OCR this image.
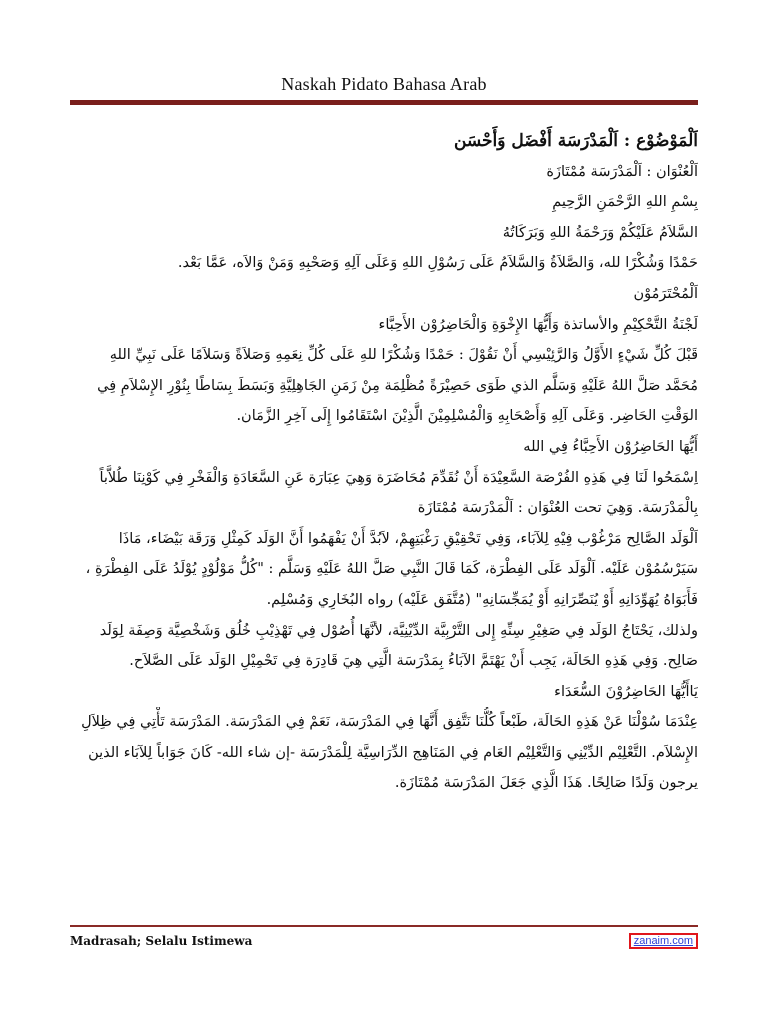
Naskah Pidato Bahasa Arab
اَلْمَوْضُوْع : اَلْمَدْرَسَة أَفْضَل وَأَحْسَن
اَلْعُنْوَان : اَلْمَدْرَسَة مُمْتَازَة
بِسْمِ اللهِ الرَّحْمَنِ الرَّحِيمِ
السَّلاَمُ عَلَيْكُمْ وَرَحْمَةُ اللهِ وَبَرَكَاتُهُ
حَمْدًا وَشُكْرًا لله، وَالصَّلاَةُ وَالسَّلاَمُ عَلَى رَسُوْلِ اللهِ وَعَلَى آلِهِ وَصَحْبِهِ وَمَنْ وَالاَه، عَمَّا بَعْد.
اَلْمُحْتَرَمُوْن
لَجْنَةُ التَّحْكِيْمِ والأساتذة وَأَيُّهَا الإِخْوَةِ وَالْحَاضِرُوْن الأَحِبَّاء
قَبْلَ كُلِّ شَيْءٍ الأَوَّلُ وَالرَّئِيْسِي أَنْ نَقُوْلَ : حَمْدًا وَشُكْرًا للهِ عَلَى كُلِّ نِعَمِهِ وَصَلاَةً وَسَلاَمًا عَلَى نَبِيِّ اللهِ
مُحَمَّد صَلَّ اللهُ عَلَيْهِ وَسَلَّم الذي طَوَى حَصِيْرَةً مُظْلِمَة مِنْ زَمَنِ الجَاهِلِيَّةِ وَبَسَطَ بِسَاطًا بِنُوْرِ الإِسْلاَمِ فِي
الوَقْتِ الحَاضِر. وَعَلَى آلِهِ وَأَصْحَابِهِ وَالْمُسْلِمِيْنَ الَّذِيْنَ اسْتَقَامُوا إِلَى آخِرِ الزَّمَان.
أَيُّهَا الحَاضِرُوْن الأَحِبَّاءُ فِي الله
اِسْمَحُوا لَنَا فِي هَذِهِ الفُرْصَة السَّعِيْدَة أَنْ نُقَدِّمَ مُحَاضَرَة وَهِيَ عِبَارَة عَنِ السَّعَادَةِ وَالْفَخْرِ فِي كَوْنِنَا طُلاَّباً
بِالْمَدْرَسَة. وَهِيَ تحت العُنْوَان : اَلْمَدْرَسَة مُمْتَازَة
اَلْوَلَد الصَّالِح مَرْغُوْب فِيْهِ لِلآبَاء، وَفِي تَحْقِيْقِ رَغْبَتِهِمْ، لاَبُدَّ أَنْ يَفْهَمُوا أَنَّ الوَلَد كَمِثْلِ وَرَقَة بَيْضَاء، مَاذَا
سَيَرْسُمُوْن عَلَيْه. اَلْوَلَد عَلَى الفِطْرَة، كَمَا قَالَ النَّبِي صَلَّ اللهُ عَلَيْهِ وَسَلَّم : "كُلُّ مَوْلُوْدٍ يُوْلَدُ عَلَى الفِطْرَةِ ،
فَأَبَوَاهُ يُهَوِّدَانِهِ أَوْ يُنَصِّرَانِهِ أَوْ يُمَجِّسَانِهِ" (مُتَّفَق عَلَيْه) رواه البُخَارِي وَمُسْلِم.
ولذلك، يَحْتَاجُ الوَلَد فِي صَغِيْرِ سِنِّهِ إِلى التَّرْبِيَّة الدِّيْنِيَّة، لأنَّهَا أُصُوْل فِي تَهْذِيْبِ خُلُق وَشَخْصِيَّة وَصِفَة لِوَلَد
صَالِح. وَفِي هَذِهِ الحَالَة، يَجِب أَنْ يَهْتَمَّ الآبَاءُ بِمَدْرَسَة الَّتِي هِيَ قَادِرَة فِي تَحْمِيْلِ الوَلَد عَلَى الصَّلاَح.
يَاأَيُّهَا الحَاضِرُوْنَ السُّعَدَاء
عِنْدَمَا سُوْلْنَا عَنْ هَذِهِ الحَالَة، طَبْعاً كُلُّنَا نَتَّفِق أَنَّهَا فِي المَدْرَسَة، نَعَمْ فِي المَدْرَسَة. المَدْرَسَة تَأْتِي فِي ظِلاَلِ
الإِسْلاَم. التَّعْلِيْم الدِّيْنِي وَالتَّعْلِيْم العَام فِي المَنَاهِج الدِّرَاسِيَّة لِلْمَدْرَسَة -إن شاء الله- كَانَ جَوَاباً لِلآبَاء الذين
يرجون وَلَدًا صَالِحًا. هَذَا الَّذِي جَعَلَ المَدْرَسَة مُمْتَازَة.
Madrasah; Selalu Istimewa	zanaim.com
